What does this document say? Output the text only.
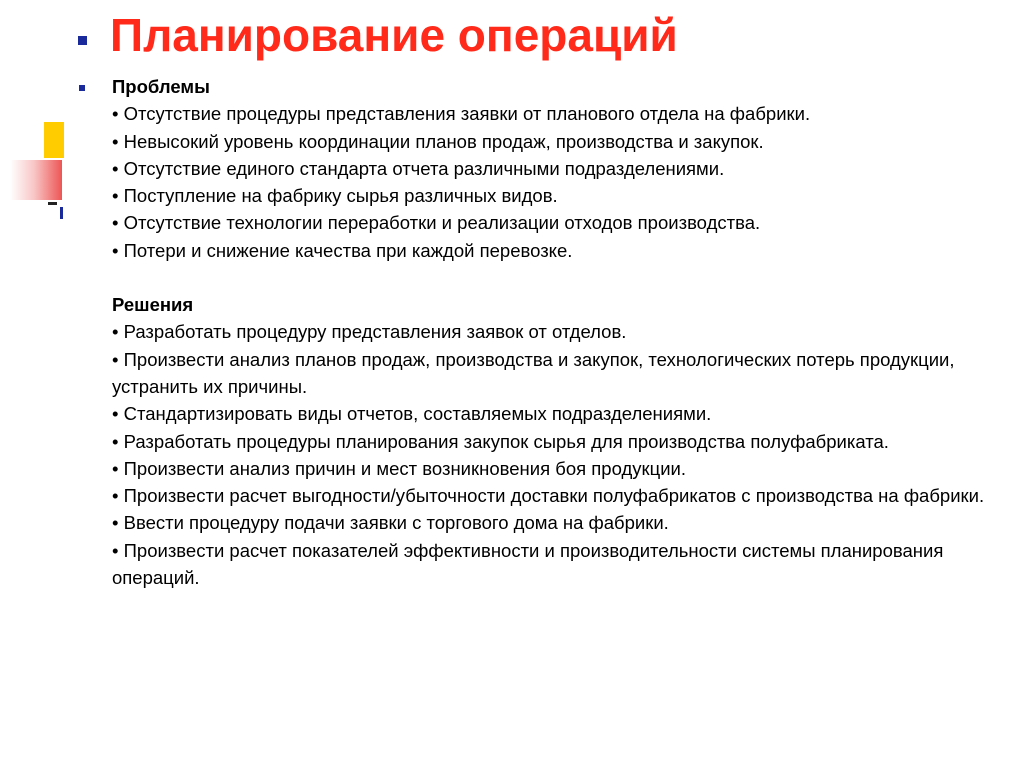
Планирование операций

Проблемы

• Отсутствие процедуры представления заявки от планового отдела на фабрики.
• Невысокий уровень координации планов продаж, производства и закупок.
• Отсутствие единого стандарта отчета различными подразделениями.
• Поступление на фабрику сырья различных видов.
• Отсутствие технологии переработки и реализации отходов производства.
• Потери и снижение качества при каждой перевозке.

Решения

• Разработать процедуру представления заявок от отделов.
• Произвести анализ планов продаж, производства и закупок, технологических потерь продукции, устранить их причины.
• Стандартизировать виды отчетов, составляемых подразделениями.
• Разработать процедуры планирования закупок сырья для производства полуфабриката.
• Произвести анализ причин и мест возникновения боя продукции.
• Произвести расчет выгодности/убыточности доставки полуфабрикатов с производства на фабрики.
• Ввести процедуру подачи заявки с торгового дома на фабрики.
• Произвести расчет показателей эффективности и производительности системы планирования операций.
